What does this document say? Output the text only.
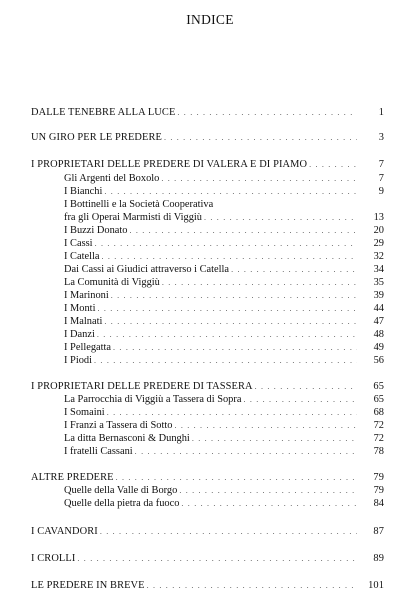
INDICE
DALLE TENEBRE ALLA LUCE . . .	1
UN GIRO PER LE PREDERE . . .	3
I PROPRIETARI DELLE PREDERE DI VALERA E DI PIAMO . . .	7
Gli Argenti del Boxolo . . .	7
I Bianchi . . .	9
I Bottinelli e la Società Cooperativa
fra gli Operai Marmisti di Viggiù . . .	13
I Buzzi Donato . . .	20
I Cassi . . .	29
I Catella . . .	32
Dai Cassi ai Giudici attraverso i Catella . . .	34
La Comunità di Viggiù . . .	35
I Marinoni . . .	39
I Monti . . .	44
I Malnati . . .	47
I Danzi . . .	48
I Pellegatta . . .	49
I Piodi . . .	56
I PROPRIETARI DELLE PREDERE DI TASSERA . . .	65
La Parrocchia di Viggiù a Tassera di Sopra . . .	65
I Somaini . . .	68
I Franzi a Tassera di Sotto . . .	72
La ditta Bernasconi & Dunghi . . .	72
I fratelli Cassani . . .	78
ALTRE PREDERE . . .	79
Quelle della Valle di Borgo . . .	79
Quelle della pietra da fuoco . . .	84
I CAVANDORI . . .	87
I CROLLI . . .	89
LE PREDERE IN BREVE . . .	101
